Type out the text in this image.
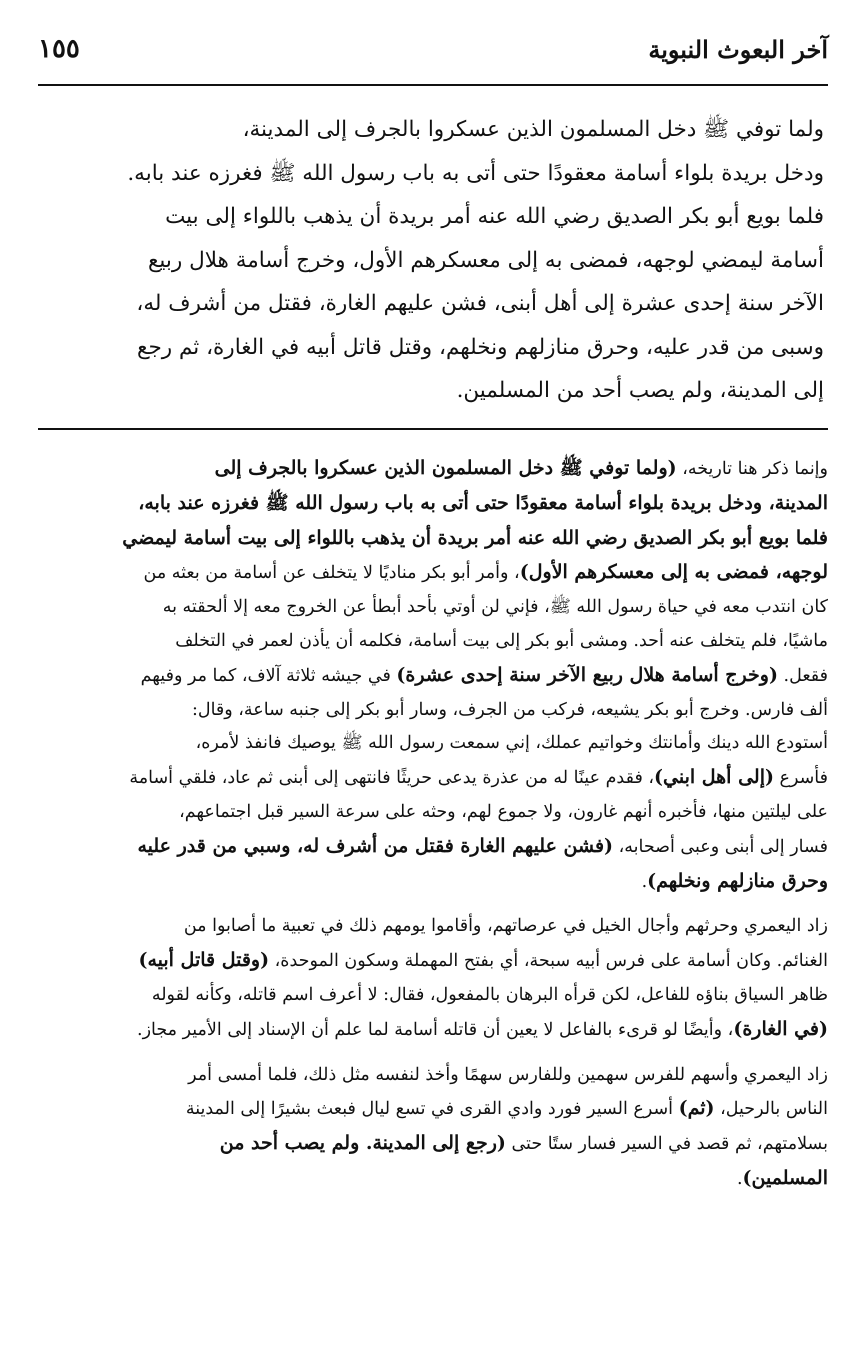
آخر البعوث النبوية
١٥٥
ولما توفي ﷺ دخل المسلمون الذين عسكروا بالجرف إلى المدينة،
ودخل بريدة بلواء أسامة معقودًا حتى أتى به باب رسول الله ﷺ فغرزه عند بابه.
فلما بويع أبو بكر الصديق رضي الله عنه أمر بريدة أن يذهب باللواء إلى بيت
أسامة ليمضي لوجهه، فمضى به إلى معسكرهم الأول، وخرج أسامة هلال ربيع
الآخر سنة إحدى عشرة إلى أهل أبنى، فشن عليهم الغارة، فقتل من أشرف له،
وسبى من قدر عليه، وحرق منازلهم ونخلهم، وقتل قاتل أبيه في الغارة، ثم رجع
إلى المدينة، ولم يصب أحد من المسلمين.
وإنما ذكر هنا تاريخه، (ولما توفي ﷺ دخل المسلمون الذين عسكروا بالجرف إلى
المدينة، ودخل بريدة بلواء أسامة معقودًا حتى أتى به باب رسول الله ﷺ فغرزه عند بابه،
فلما بويع أبو بكر الصديق رضي الله عنه أمر بريدة أن يذهب باللواء إلى بيت أسامة ليمضي
لوجهه، فمضى به إلى معسكرهم الأول)، وأمر أبو بكر مناديًا لا يتخلف عن أسامة من بعثه من
كان انتدب معه في حياة رسول الله ﷺ، فإني لن أوتي بأحد أبطأ عن الخروج معه إلا ألحقته به
ماشيًا، فلم يتخلف عنه أحد. ومشى أبو بكر إلى بيت أسامة، فكلمه أن يأذن لعمر في التخلف
فقعل. (وخرج أسامة هلال ربيع الآخر سنة إحدى عشرة) في جيشه ثلاثة آلاف، كما مر وفيهم
ألف فارس. وخرج أبو بكر يشيعه، فركب من الجرف، وسار أبو بكر إلى جنبه ساعة، وقال:
أستودع الله دينك وأمانتك وخواتيم عملك، إني سمعت رسول الله ﷺ يوصيك فانفذ لأمره،
فأسرع (إلى أهل ابني)، فقدم عينًا له من عذرة يدعى حريثًا فانتهى إلى أبنى ثم عاد، فلقي أسامة
على ليلتين منها، فأخبره أنهم غارون، ولا جموع لهم، وحثه على سرعة السير قبل اجتماعهم،
فسار إلى أبنى وعبى أصحابه، (فشن عليهم الغارة فقتل من أشرف له، وسبي من قدر عليه
وحرق منازلهم ونخلهم).
زاد اليعمري وحرثهم وأجال الخيل في عرصاتهم، وأقاموا يومهم ذلك في تعبية ما أصابوا من
الغنائم. وكان أسامة على فرس أبيه سبحة، أي بفتح المهملة وسكون الموحدة، (وقتل قاتل أبيه)
ظاهر السياق بناؤه للفاعل، لكن قرأه البرهان بالمفعول، فقال: لا أعرف اسم قاتله، وكأنه لقوله
(في الغارة)، وأيضًا لو قرىء بالفاعل لا يعين أن قاتله أسامة لما علم أن الإسناد إلى الأمير مجاز.
زاد اليعمري وأسهم للفرس سهمين وللفارس سهمًا وأخذ لنفسه مثل ذلك، فلما أمسى أمر
الناس بالرحيل، (ثم) أسرع السير فورد وادي القرى في تسع ليال فبعث بشيرًا إلى المدينة
بسلامتهم، ثم قصد في السير فسار ستًا حتى (رجع إلى المدينة. ولم يصب أحد من
المسلمين).
